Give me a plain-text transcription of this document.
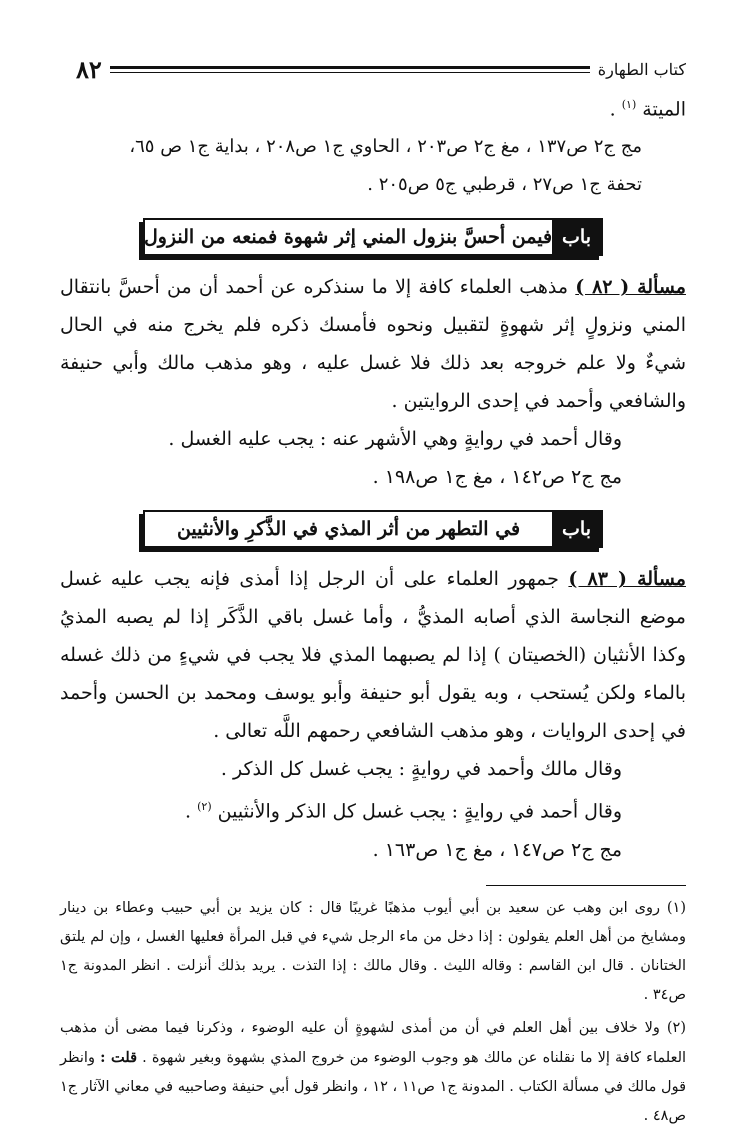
كتاب الطهارة
٨٢

الميتة $^{(١)}$ .

مج ج٢ ص١٣٧ ، مغ ج٢ ص٢٠٣ ، الحاوي ج١ ص٢٠٨ ، بداية ج١ ص ٦٥،
تحفة ج١ ص٢٧ ، قرطبي ج٥ ص٢٠٥ .

باب
فيمن أحسَّ بنزول المني إثر شهوة فمنعه من النزول

مسألة ( ٨٢ ) مذهب العلماء كافة إلا ما سنذكره عن أحمد أن من أحسَّ بانتقال المني ونزولٍ إثر شهوةٍ لتقبيل ونحوه فأمسك ذكره فلم يخرج منه في الحال شيءٌ ولا علم خروجه بعد ذلك فلا غسل عليه ، وهو مذهب مالك وأبي حنيفة والشافعي وأحمد في إحدى الروايتين .

وقال أحمد في روايةٍ وهي الأشهر عنه : يجب عليه الغسل .

مج ج٢ ص١٤٢ ، مغ ج١ ص١٩٨ .

باب
في التطهر من أثر المذي في الذَّكرِ والأنثيين

مسألة ( ٨٣ ) جمهور العلماء على أن الرجل إذا أمذى فإنه يجب عليه غسل موضع النجاسة الذي أصابه المذيُّ ، وأما غسل باقي الذَّكَر إذا لم يصبه المذيُ وكذا الأنثيان (الخصيتان ) إذا لم يصبهما المذي فلا يجب في شيءٍ من ذلك غسله بالماء ولكن يُستحب ، وبه يقول أبو حنيفة وأبو يوسف ومحمد بن الحسن وأحمد في إحدى الروايات ، وهو مذهب الشافعي رحمهم اللَّه تعالى .

وقال مالك وأحمد في روايةٍ : يجب غسل كل الذكر .

وقال أحمد في روايةٍ : يجب غسل كل الذكر والأنثيين $^{(٢)}$ .

مج ج٢ ص١٤٧ ، مغ ج١ ص١٦٣ .

(١) روى ابن وهب عن سعيد بن أبي أيوب مذهبًا غريبًا قال : كان يزيد بن أبي حبيب وعطاء بن دينار ومشايخ من أهل العلم يقولون : إذا دخل من ماء الرجل شيء في قبل المرأة فعليها الغسل ، وإن لم يلتق الختانان . قال ابن القاسم : وقاله الليث . وقال مالك : إذا التذت . يريد بذلك أنزلت . انظر المدونة ج١ ص٣٤ .

(٢) ولا خلاف بين أهل العلم في أن من أمذى لشهوةٍ أن عليه الوضوء ، وذكرنا فيما مضى أن مذهب العلماء كافة إلا ما نقلناه عن مالك هو وجوب الوضوء من خروج المذي بشهوة وبغير شهوة . قلت : وانظر قول مالك في مسألة الكتاب . المدونة ج١ ص١١ ، ١٢ ، وانظر قول أبي حنيفة وصاحبيه في معاني الآثار ج١ ص٤٨ .
